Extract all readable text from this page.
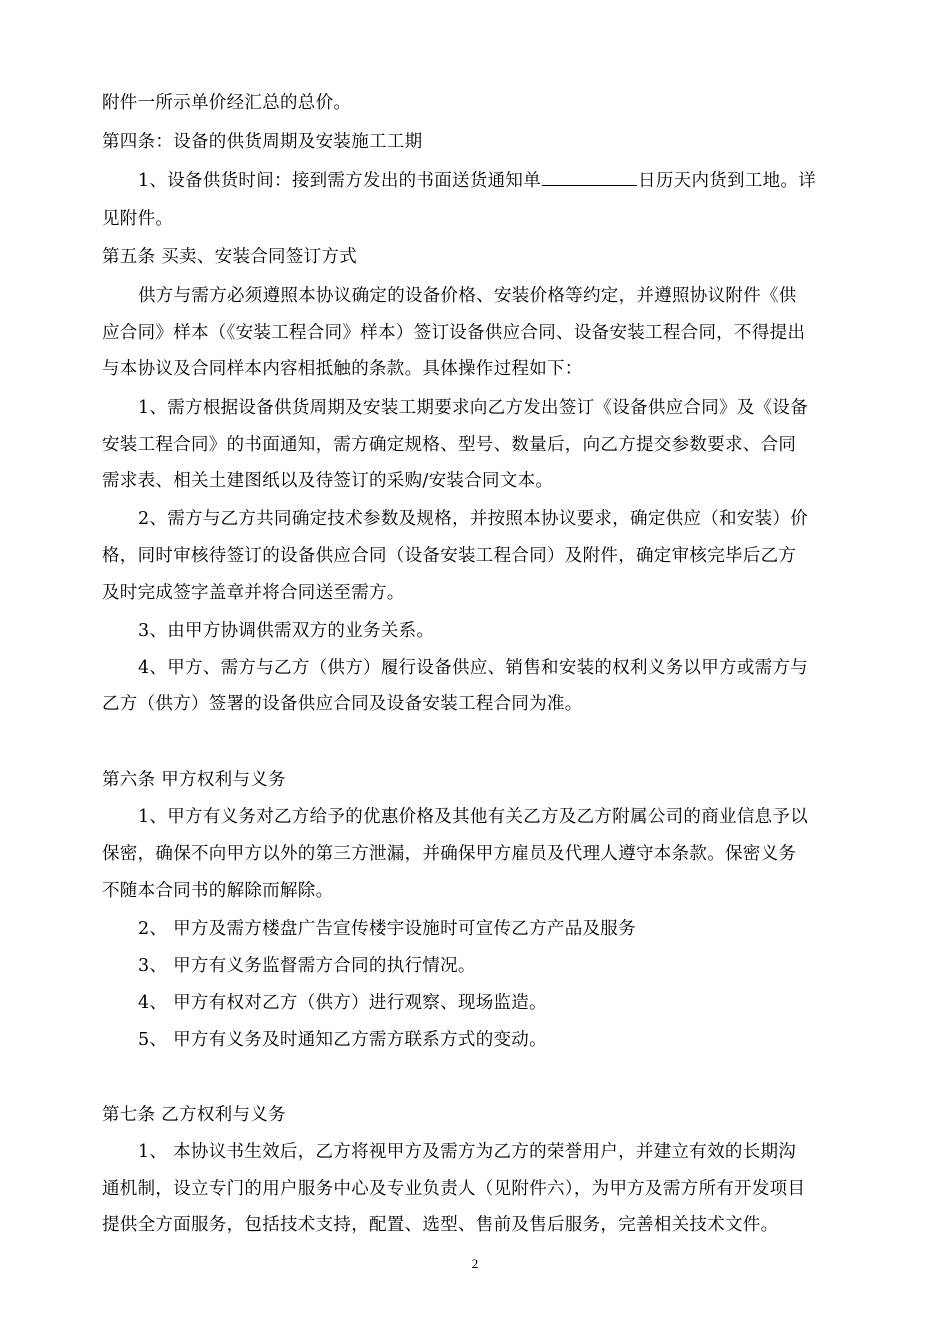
附件一所示单价经汇总的总价。
第四条：设备的供货周期及安装施工工期
1、设备供货时间：接到需方发出的书面送货通知单	日历天内货到工地。详
见附件。
第五条 买卖、安装合同签订方式
供方与需方必须遵照本协议确定的设备价格、安装价格等约定，并遵照协议附件《供
应合同》样本（《安装工程合同》样本）签订设备供应合同、设备安装工程合同，不得提出
与本协议及合同样本内容相抵触的条款。具体操作过程如下：
1、需方根据设备供货周期及安装工期要求向乙方发出签订《设备供应合同》及《设备
安装工程合同》的书面通知，需方确定规格、型号、数量后，向乙方提交参数要求、合同
需求表、相关土建图纸以及待签订的采购/安装合同文本。
2、需方与乙方共同确定技术参数及规格，并按照本协议要求，确定供应（和安装）价
格，同时审核待签订的设备供应合同（设备安装工程合同）及附件，确定审核完毕后乙方
及时完成签字盖章并将合同送至需方。
3、由甲方协调供需双方的业务关系。
4、甲方、需方与乙方（供方）履行设备供应、销售和安装的权利义务以甲方或需方与
乙方（供方）签署的设备供应合同及设备安装工程合同为准。
第六条 甲方权利与义务
1、甲方有义务对乙方给予的优惠价格及其他有关乙方及乙方附属公司的商业信息予以
保密，确保不向甲方以外的第三方泄漏，并确保甲方雇员及代理人遵守本条款。保密义务
不随本合同书的解除而解除。
2、 甲方及需方楼盘广告宣传楼宇设施时可宣传乙方产品及服务
3、 甲方有义务监督需方合同的执行情况。
4、 甲方有权对乙方（供方）进行观察、现场监造。
5、 甲方有义务及时通知乙方需方联系方式的变动。
第七条 乙方权利与义务
1、 本协议书生效后，乙方将视甲方及需方为乙方的荣誉用户，并建立有效的长期沟
通机制，设立专门的用户服务中心及专业负责人（见附件六），为甲方及需方所有开发项目
提供全方面服务，包括技术支持，配置、选型、售前及售后服务，完善相关技术文件。
2
